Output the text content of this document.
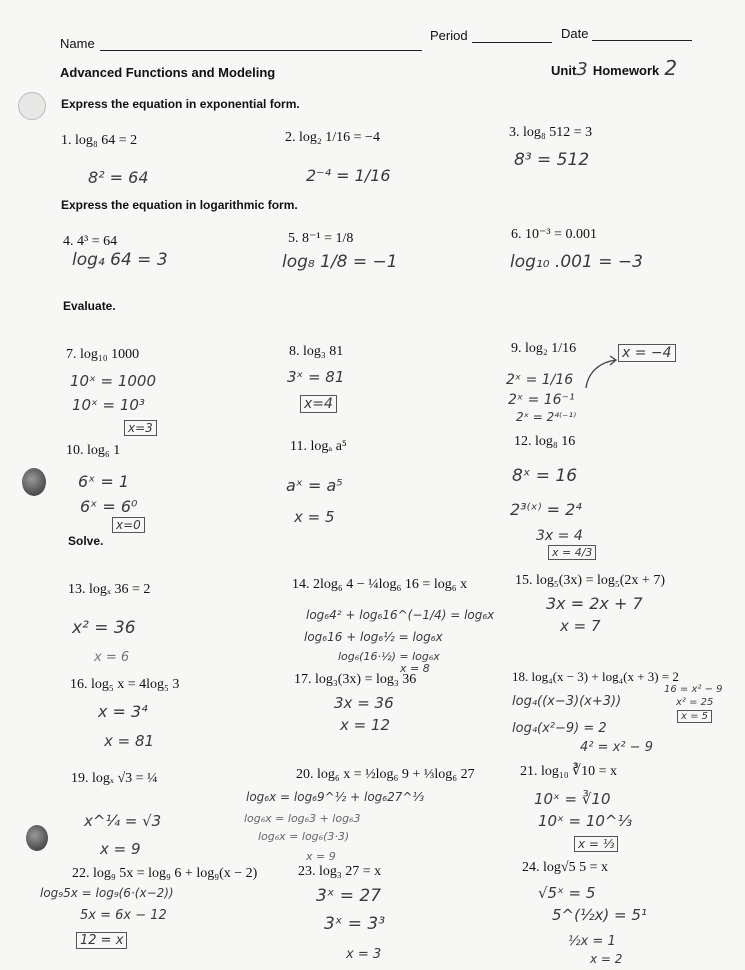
Name
Period	Date
Advanced Functions and Modeling	Unit3 Homework 2
Express the equation in exponential form.
Express the equation in logarithmic form.
Evaluate.
Solve.
1. log₈ 64 = 2
8² = 64
2. log₂ 1/16 = −4
2⁻⁴ = 1/16
3. log₈ 512 = 3
8³ = 512
4. 4³ = 64
log₄ 64 = 3
5. 8⁻¹ = 1/8
log₈ 1/8 = −1
6. 10⁻³ = 0.001
log₁₀ .001 = −3
7. log₁₀ 1000
10ˣ = 1000
10ˣ = 10³
x=3
8. log₃ 81
3ˣ = 81
x=4
9. log₂ 1/16
2ˣ = 1/16
2ˣ = 16⁻¹
2ˣ = 2⁴⁽⁻¹⁾
x = −4
10. log₆ 1
6ˣ = 1
6ˣ = 6⁰
x=0
11. logₐ a⁵
aˣ = a⁵
x = 5
12. log₈ 16
8ˣ = 16
2³⁽ˣ⁾ = 2⁴
3x = 4
x = 4/3
13. logₓ 36 = 2
x² = 36
x = 6
14. 2log₆ 4 − ¼log₆ 16 = log₆ x
log₆4² + log₆16^(−1/4) = log₆x
log₆16 + log₆½ = log₆x
log₆(16·½) = log₆x
x = 8
15. log₅(3x) = log₅(2x + 7)
3x = 2x + 7
x = 7
16. log₅ x = 4log₅ 3
x = 3⁴
x = 81
17. log₃(3x) = log₃ 36
3x = 36
x = 12
18. log₄(x − 3) + log₄(x + 3) = 2
log₄((x−3)(x+3))
log₄(x²−9) = 2
4² = x² − 9
16 = x² − 9
x² = 25
x = 5
19. logₓ √3 = ¼
x^¼ = √3
x = 9
20. log₆ x = ½log₆ 9 + ⅓log₆ 27
log₆x = log₆9^½ + log₆27^⅓
log₆x = log₆3 + log₆3
log₆x = log₆(3·3)
x = 9
21. log₁₀ ∛10 = x
10ˣ = ∛10
10ˣ = 10^⅓
x = ⅓
22. log₉ 5x = log₉ 6 + log₉(x − 2)
log₉5x = log₉(6·(x−2))
5x = 6x − 12
12 = x
23. log₃ 27 = x
3ˣ = 27
3ˣ = 3³
x = 3
24. log√5 5 = x
√5ˣ = 5
5^(½x) = 5¹
½x = 1
x = 2
